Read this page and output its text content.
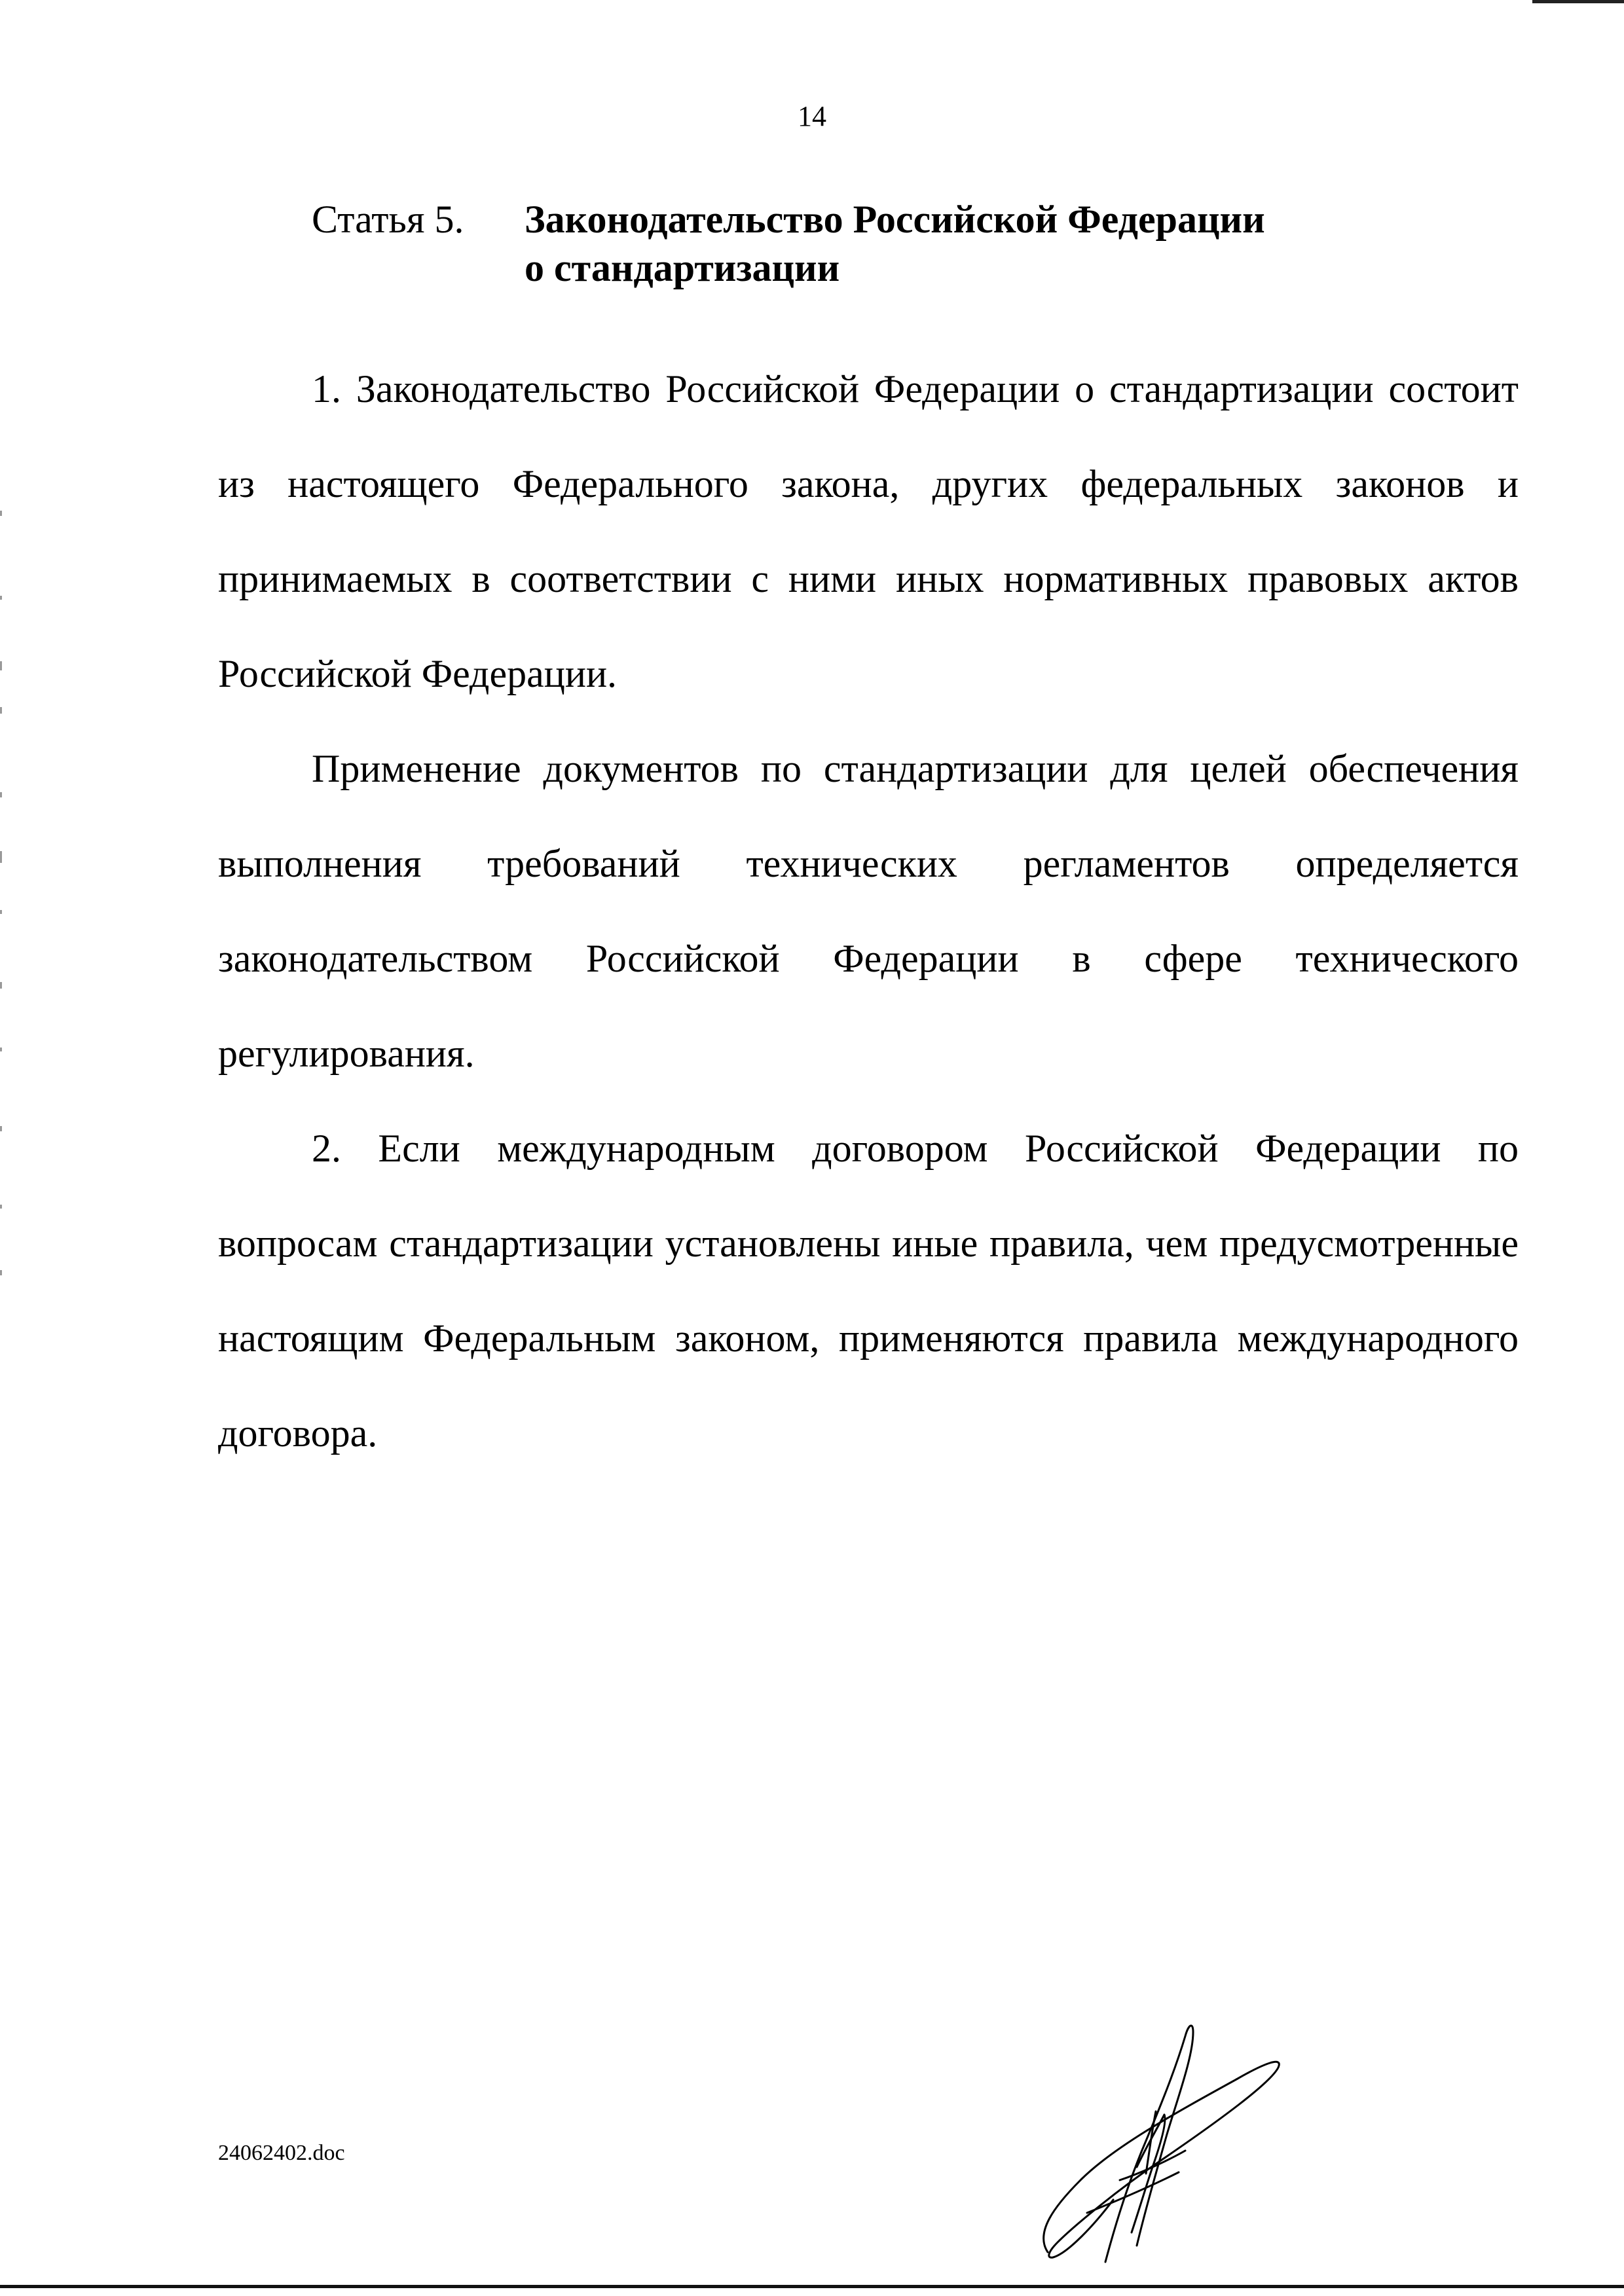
14
Статья 5. Законодательство Российской Федерации
о стандартизации

1. Законодательство Российской Федерации о стандартизации состоит из настоящего Федерального закона, других федеральных законов и принимаемых в соответствии с ними иных нормативных правовых актов Российской Федерации.

Применение документов по стандартизации для целей обеспечения выполнения требований технических регламентов определяется законодательством Российской Федерации в сфере технического регулирования.

2. Если международным договором Российской Федерации по вопросам стандартизации установлены иные правила, чем предусмотренные настоящим Федеральным законом, применяются правила международного договора.

24062402.doc
